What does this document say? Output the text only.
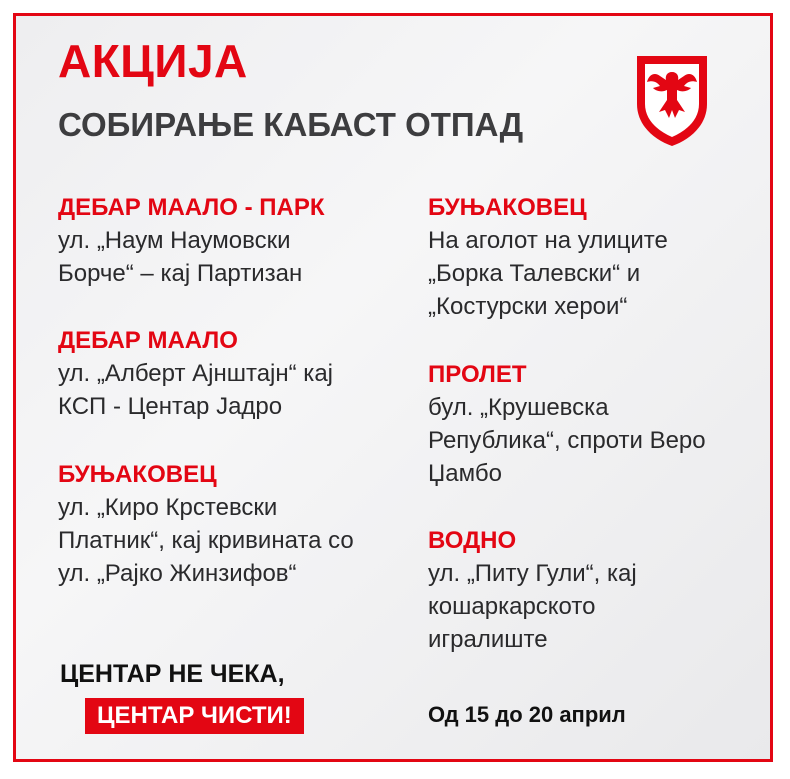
АКЦИЈА
СОБИРАЊЕ КАБАСТ ОТПАД

ДЕБАР МААЛО - ПАРК

ул. „Наум Наумовски
Борче“ – кај Партизан

ДЕБАР МААЛО

ул. „Алберт Ајнштајн“ кај
КСП - Центар Јадро

БУЊАКОВЕЦ

ул. „Киро Крстевски
Платник“, кај кривината со
ул. „Рајко Жинзифов“

БУЊАКОВЕЦ

На аголот на улиците
„Борка Талевски“ и
„Костурски херои“

ПРОЛЕТ

бул. „Крушевска
Република“, спроти Веро
Џамбо

ВОДНО

ул. „Питу Гули“, кај
кошаркарското
игралиште

ЦЕНТАР НЕ ЧЕКА,

ЦЕНТАР ЧИСТИ!	Од 15 до 20 април
